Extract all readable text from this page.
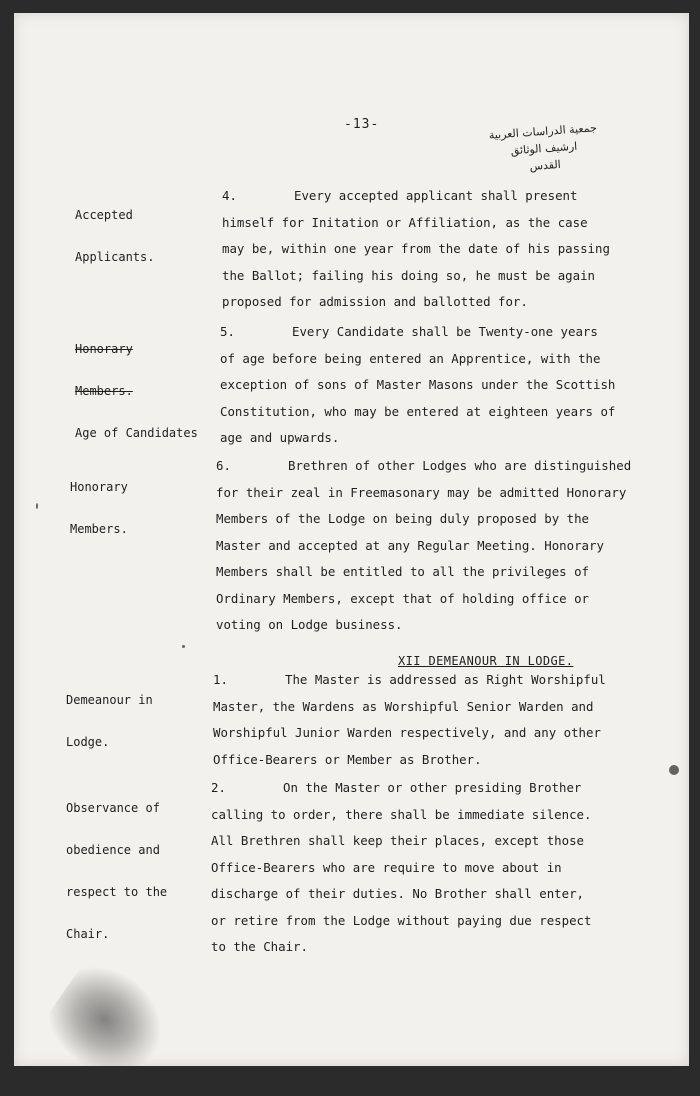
-13-	جمعية الدراسات العربية
ارشيف الوثائق
القدس

Accepted

Applicants.

4.	Every accepted applicant shall present
himself for Initation or Affiliation, as the case
may be, within one year from the date of his passing
the Ballot; failing his doing so, he must be again
proposed for admission and ballotted for.

Honorary

Members.

Age of Candidates

5.	Every Candidate shall be Twenty-one years
of age before being entered an Apprentice, with the
exception of sons of Master Masons under the Scottish
Constitution, who may be entered at eighteen years of
age and upwards.

Honorary

Members.

6.	Brethren of other Lodges who are distinguished
for their zeal in Freemasonary may be admitted Honorary
Members of the Lodge on being duly proposed by the
Master and accepted at any Regular Meeting. Honorary
Members shall be entitled to all the privileges of
Ordinary Members, except that of holding office or
voting on Lodge business.
XII DEMEANOUR IN LODGE.

Demeanour in

Lodge.

1.	The Master is addressed as Right Worshipful
Master, the Wardens as Worshipful Senior Warden and
Worshipful Junior Warden respectively, and any other
Office-Bearers or Member as Brother.

Observance of

obedience and

respect to the

Chair.

2.	On the Master or other presiding Brother
calling to order, there shall be immediate silence.
All Brethren shall keep their places, except those
Office-Bearers who are require to move about in
discharge of their duties. No Brother shall enter,
or retire from the Lodge without paying due respect
to the Chair.
